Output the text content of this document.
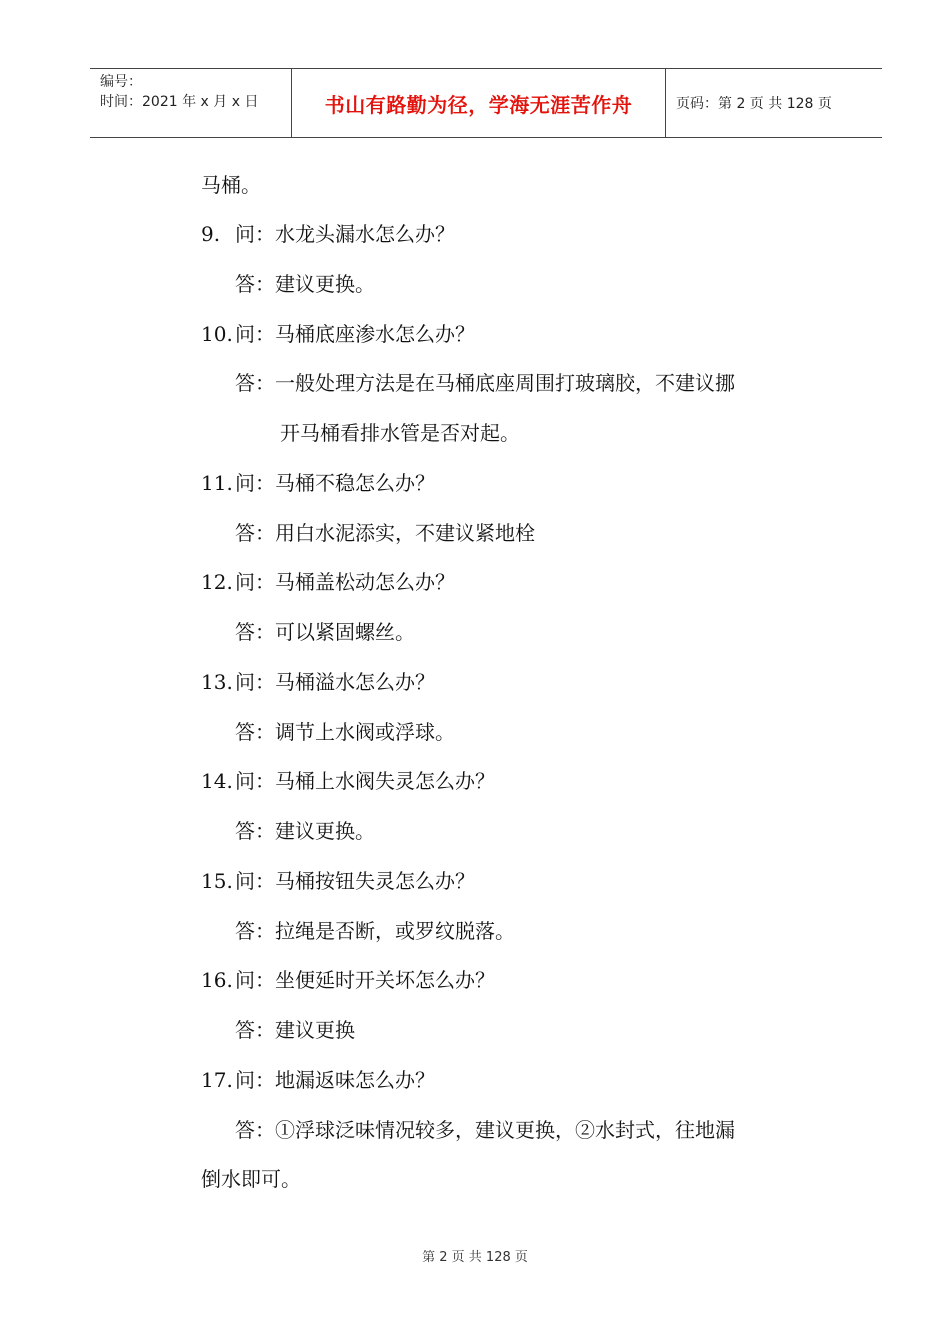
编号：
时间：2021 年 x 月 x 日	书山有路勤为径，学海无涯苦作舟	页码：第 2 页 共 128 页
马桶。
9. 问：水龙头漏水怎么办？
答：建议更换。
10. 问：马桶底座渗水怎么办？
答：一般处理方法是在马桶底座周围打玻璃胶，不建议挪
开马桶看排水管是否对起。
11. 问：马桶不稳怎么办？
答：用白水泥添实，不建议紧地栓
12. 问：马桶盖松动怎么办？
答：可以紧固螺丝。
13. 问：马桶溢水怎么办？
答：调节上水阀或浮球。
14. 问：马桶上水阀失灵怎么办？
答：建议更换。
15. 问：马桶按钮失灵怎么办？
答：拉绳是否断，或罗纹脱落。
16. 问：坐便延时开关坏怎么办？
答：建议更换
17. 问：地漏返味怎么办？
答：①浮球泛味情况较多，建议更换，②水封式，往地漏
倒水即可。
第 2 页 共 128 页
